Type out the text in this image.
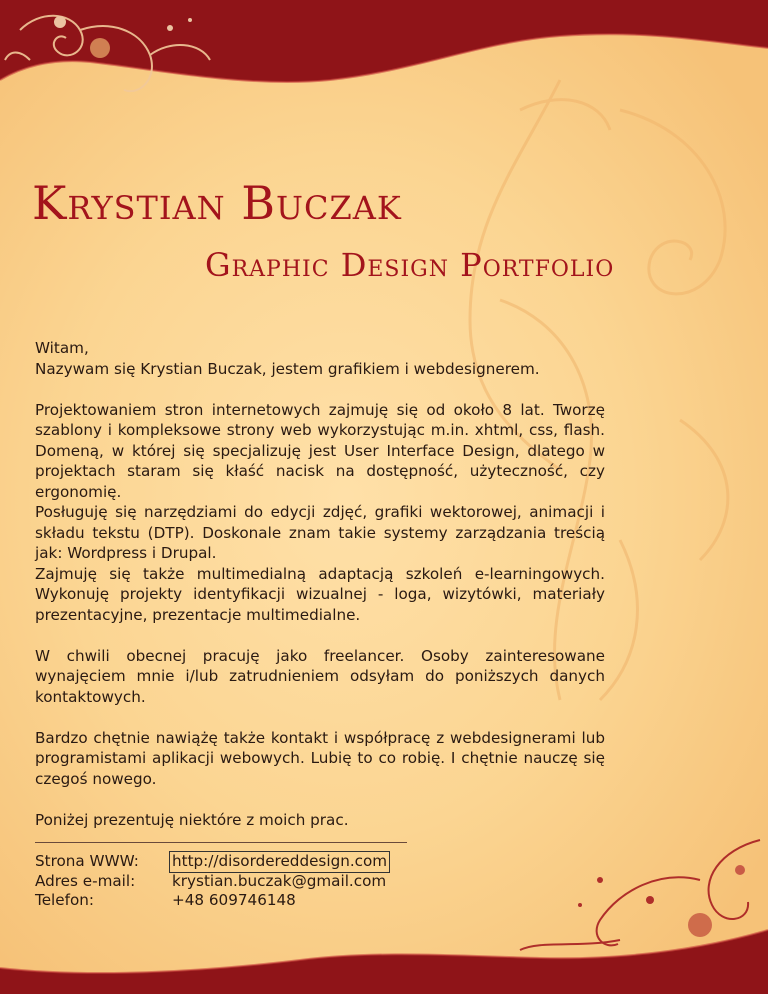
Krystian Buczak
Graphic Design Portfolio

Witam,

Nazywam się Krystian Buczak, jestem grafikiem i webdesignerem.

Projektowaniem stron internetowych zajmuję się od około 8 lat. Tworzę szablony i kompleksowe strony web wykorzystując m.in. xhtml, css, flash. Domeną, w której się specjalizuję jest User Interface Design, dlatego w projektach staram się kłaść nacisk na dostępność, użyteczność, czy ergonomię.

Posługuję się narzędziami do edycji zdjęć, grafiki wektorowej, animacji i składu tekstu (DTP). Doskonale znam takie systemy zarządzania treścią jak: Wordpress i Drupal.

Zajmuję się także multimedialną adaptacją szkoleń e-learningowych. Wykonuję projekty identyfikacji wizualnej - loga, wizytówki, materiały prezentacyjne, prezentacje multimedialne.

W chwili obecnej pracuję jako freelancer. Osoby zainteresowane wynajęciem mnie i/lub zatrudnieniem odsyłam do poniższych danych kontaktowych.

Bardzo chętnie nawiążę także kontakt i współpracę z webdesignerami lub programistami aplikacji webowych. Lubię to co robię. I chętnie nauczę się czegoś nowego.

Poniżej prezentuję niektóre z moich prac.

Strona WWW:	http://disordereddesign.com
Adres e-mail:	krystian.buczak@gmail.com
Telefon:	+48 609746148
